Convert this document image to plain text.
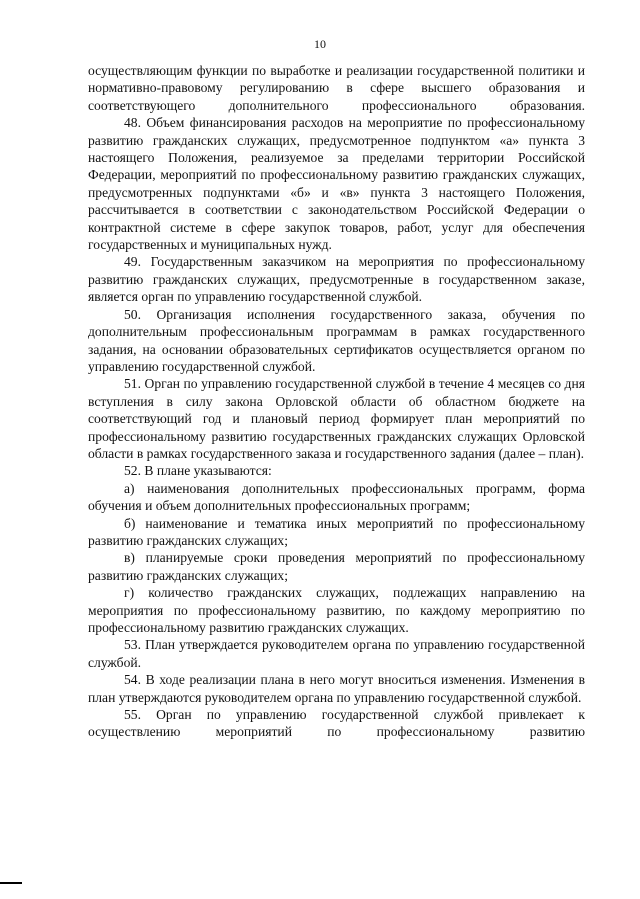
10

осуществляющим функции по выработке и реализации государственной политики и нормативно-правовому регулированию в сфере высшего образования и соответствующего дополнительного профессионального образования.

48. Объем финансирования расходов на мероприятие по профессиональному развитию гражданских служащих, предусмотренное подпунктом «а» пункта 3 настоящего Положения, реализуемое за пределами территории Российской Федерации, мероприятий по профессиональному развитию гражданских служащих, предусмотренных подпунктами «б» и «в» пункта 3 настоящего Положения, рассчитывается в соответствии с законодательством Российской Федерации о контрактной системе в сфере закупок товаров, работ, услуг для обеспечения государственных и муниципальных нужд.

49. Государственным заказчиком на мероприятия по профессиональному развитию гражданских служащих, предусмотренные в государственном заказе, является орган по управлению государственной службой.

50. Организация исполнения государственного заказа, обучения по дополнительным профессиональным программам в рамках государственного задания, на основании образовательных сертификатов осуществляется органом по управлению государственной службой.

51. Орган по управлению государственной службой в течение 4 месяцев со дня вступления в силу закона Орловской области об областном бюджете на соответствующий год и плановый период формирует план мероприятий по профессиональному развитию государственных гражданских служащих Орловской области в рамках государственного заказа и государственного задания (далее – план).

52. В плане указываются:

а) наименования дополнительных профессиональных программ, форма обучения и объем дополнительных профессиональных программ;

б) наименование и тематика иных мероприятий по профессиональному развитию гражданских служащих;

в) планируемые сроки проведения мероприятий по профессиональному развитию гражданских служащих;

г) количество гражданских служащих, подлежащих направлению на мероприятия по профессиональному развитию, по каждому мероприятию по профессиональному развитию гражданских служащих.

53. План утверждается руководителем органа по управлению государственной службой.

54. В ходе реализации плана в него могут вноситься изменения. Изменения в план утверждаются руководителем органа по управлению государственной службой.

55. Орган по управлению государственной службой привлекает к осуществлению мероприятий по профессиональному развитию
